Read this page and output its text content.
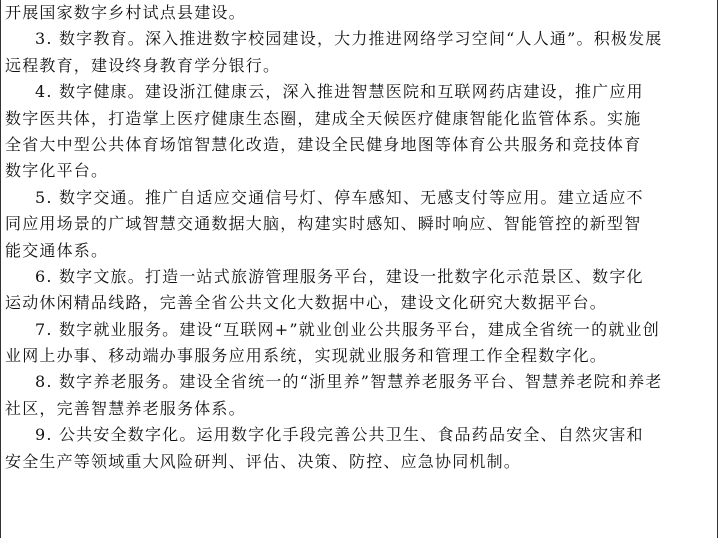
开展国家数字乡村试点县建设。
3. 数字教育。深入推进数字校园建设，大力推进网络学习空间“人人通”。积极发展
远程教育，建设终身教育学分银行。
4. 数字健康。建设浙江健康云，深入推进智慧医院和互联网药店建设，推广应用
数字医共体，打造掌上医疗健康生态圈，建成全天候医疗健康智能化监管体系。实施
全省大中型公共体育场馆智慧化改造，建设全民健身地图等体育公共服务和竞技体育
数字化平台。
5. 数字交通。推广自适应交通信号灯、停车感知、无感支付等应用。建立适应不
同应用场景的广域智慧交通数据大脑，构建实时感知、瞬时响应、智能管控的新型智
能交通体系。
6. 数字文旅。打造一站式旅游管理服务平台，建设一批数字化示范景区、数字化
运动休闲精品线路，完善全省公共文化大数据中心，建设文化研究大数据平台。
7. 数字就业服务。建设“互联网+”就业创业公共服务平台，建成全省统一的就业创
业网上办事、移动端办事服务应用系统，实现就业服务和管理工作全程数字化。
8. 数字养老服务。建设全省统一的“浙里养”智慧养老服务平台、智慧养老院和养老
社区，完善智慧养老服务体系。
9. 公共安全数字化。运用数字化手段完善公共卫生、食品药品安全、自然灾害和
安全生产等领域重大风险研判、评估、决策、防控、应急协同机制。
